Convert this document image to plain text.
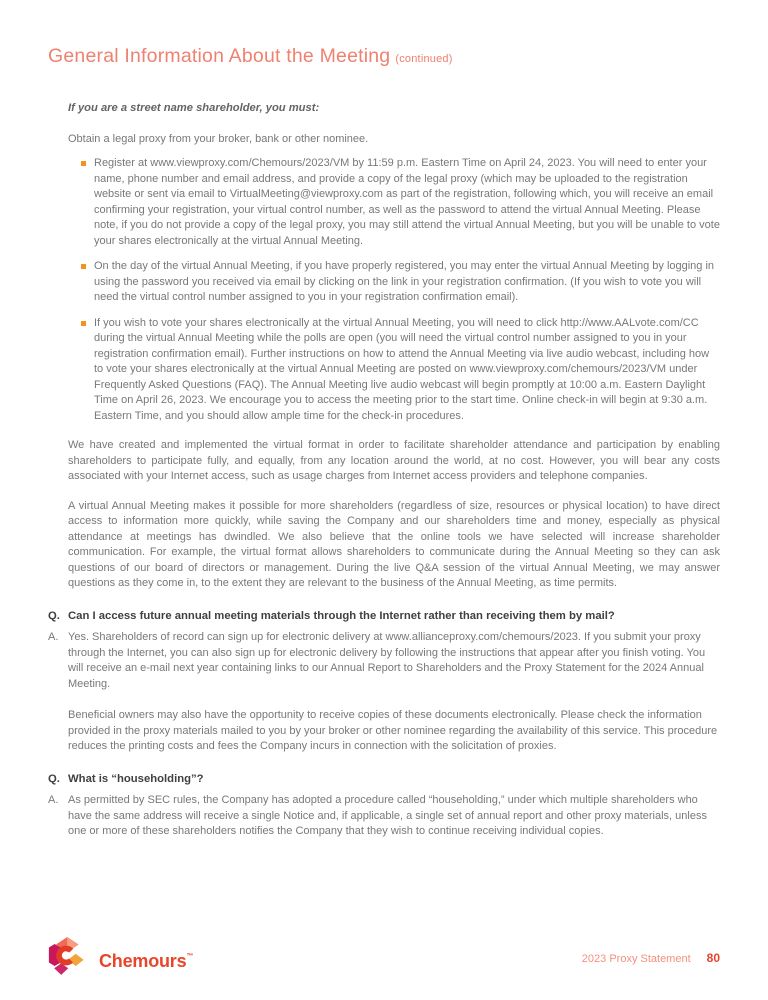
General Information About the Meeting (continued)

If you are a street name shareholder, you must:

Obtain a legal proxy from your broker, bank or other nominee.

Register at www.viewproxy.com/Chemours/2023/VM by 11:59 p.m. Eastern Time on April 24, 2023. You will need to enter your name, phone number and email address, and provide a copy of the legal proxy (which may be uploaded to the registration website or sent via email to VirtualMeeting@viewproxy.com as part of the registration, following which, you will receive an email confirming your registration, your virtual control number, as well as the password to attend the virtual Annual Meeting. Please note, if you do not provide a copy of the legal proxy, you may still attend the virtual Annual Meeting, but you will be unable to vote your shares electronically at the virtual Annual Meeting.

On the day of the virtual Annual Meeting, if you have properly registered, you may enter the virtual Annual Meeting by logging in using the password you received via email by clicking on the link in your registration confirmation. (If you wish to vote you will need the virtual control number assigned to you in your registration confirmation email).

If you wish to vote your shares electronically at the virtual Annual Meeting, you will need to click http://www.AALvote.com/CC during the virtual Annual Meeting while the polls are open (you will need the virtual control number assigned to you in your registration confirmation email). Further instructions on how to attend the Annual Meeting via live audio webcast, including how to vote your shares electronically at the virtual Annual Meeting are posted on www.viewproxy.com/chemours/2023/VM under Frequently Asked Questions (FAQ). The Annual Meeting live audio webcast will begin promptly at 10:00 a.m. Eastern Daylight Time on April 26, 2023. We encourage you to access the meeting prior to the start time. Online check-in will begin at 9:30 a.m. Eastern Time, and you should allow ample time for the check-in procedures.

We have created and implemented the virtual format in order to facilitate shareholder attendance and participation by enabling shareholders to participate fully, and equally, from any location around the world, at no cost. However, you will bear any costs associated with your Internet access, such as usage charges from Internet access providers and telephone companies.

A virtual Annual Meeting makes it possible for more shareholders (regardless of size, resources or physical location) to have direct access to information more quickly, while saving the Company and our shareholders time and money, especially as physical attendance at meetings has dwindled. We also believe that the online tools we have selected will increase shareholder communication. For example, the virtual format allows shareholders to communicate during the Annual Meeting so they can ask questions of our board of directors or management. During the live Q&A session of the virtual Annual Meeting, we may answer questions as they come in, to the extent they are relevant to the business of the Annual Meeting, as time permits.

Q. Can I access future annual meeting materials through the Internet rather than receiving them by mail?

A. Yes. Shareholders of record can sign up for electronic delivery at www.allianceproxy.com/chemours/2023. If you submit your proxy through the Internet, you can also sign up for electronic delivery by following the instructions that appear after you finish voting. You will receive an e-mail next year containing links to our Annual Report to Shareholders and the Proxy Statement for the 2024 Annual Meeting.

Beneficial owners may also have the opportunity to receive copies of these documents electronically. Please check the information provided in the proxy materials mailed to you by your broker or other nominee regarding the availability of this service. This procedure reduces the printing costs and fees the Company incurs in connection with the solicitation of proxies.

Q. What is “householding”?

A. As permitted by SEC rules, the Company has adopted a procedure called “householding,” under which multiple shareholders who have the same address will receive a single Notice and, if applicable, a single set of annual report and other proxy materials, unless one or more of these shareholders notifies the Company that they wish to continue receiving individual copies.

Chemours™	2023 Proxy Statement 80
